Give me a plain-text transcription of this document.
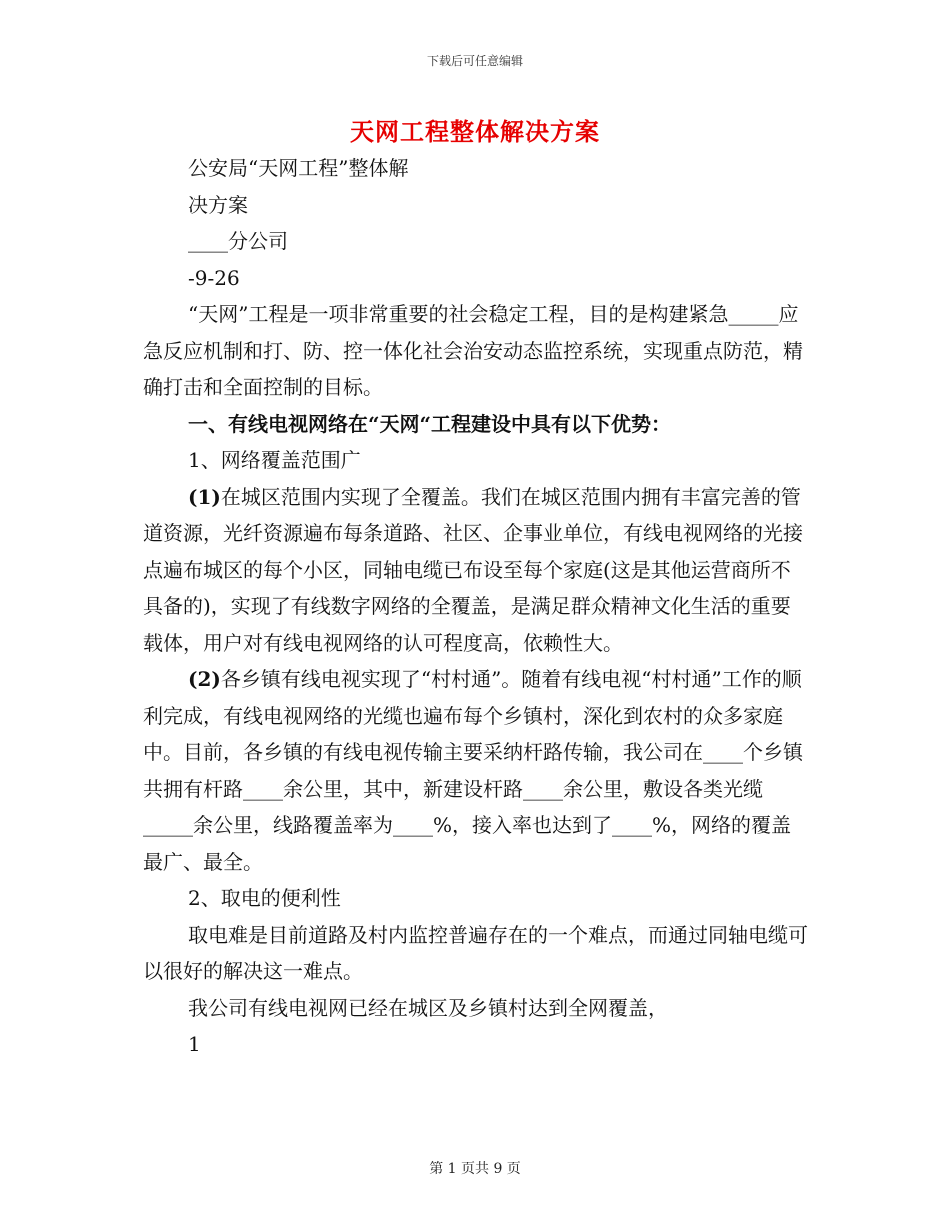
下载后可任意编辑
天网工程整体解决方案

公安局“天网工程”整体解

决方案

____分公司

-9-26

“天网”工程是一项非常重要的社会稳定工程，目的是构建紧急_____应急反应机制和打、防、控一体化社会治安动态监控系统，实现重点防范，精确打击和全面控制的目标。

一、有线电视网络在“天网“工程建设中具有以下优势：

1、网络覆盖范围广

(1)在城区范围内实现了全覆盖。我们在城区范围内拥有丰富完善的管道资源，光纤资源遍布每条道路、社区、企事业单位，有线电视网络的光接点遍布城区的每个小区，同轴电缆已布设至每个家庭(这是其他运营商所不具备的)，实现了有线数字网络的全覆盖，是满足群众精神文化生活的重要载体，用户对有线电视网络的认可程度高，依赖性大。

(2)各乡镇有线电视实现了“村村通”。随着有线电视“村村通”工作的顺利完成，有线电视网络的光缆也遍布每个乡镇村，深化到农村的众多家庭中。目前，各乡镇的有线电视传输主要采纳杆路传输，我公司在____个乡镇共拥有杆路____余公里，其中，新建设杆路____余公里，敷设各类光缆_____余公里，线路覆盖率为____%，接入率也达到了____%，网络的覆盖最广、最全。

2、取电的便利性

取电难是目前道路及村内监控普遍存在的一个难点，而通过同轴电缆可以很好的解决这一难点。

我公司有线电视网已经在城区及乡镇村达到全网覆盖，

1

第 1 页共 9 页
